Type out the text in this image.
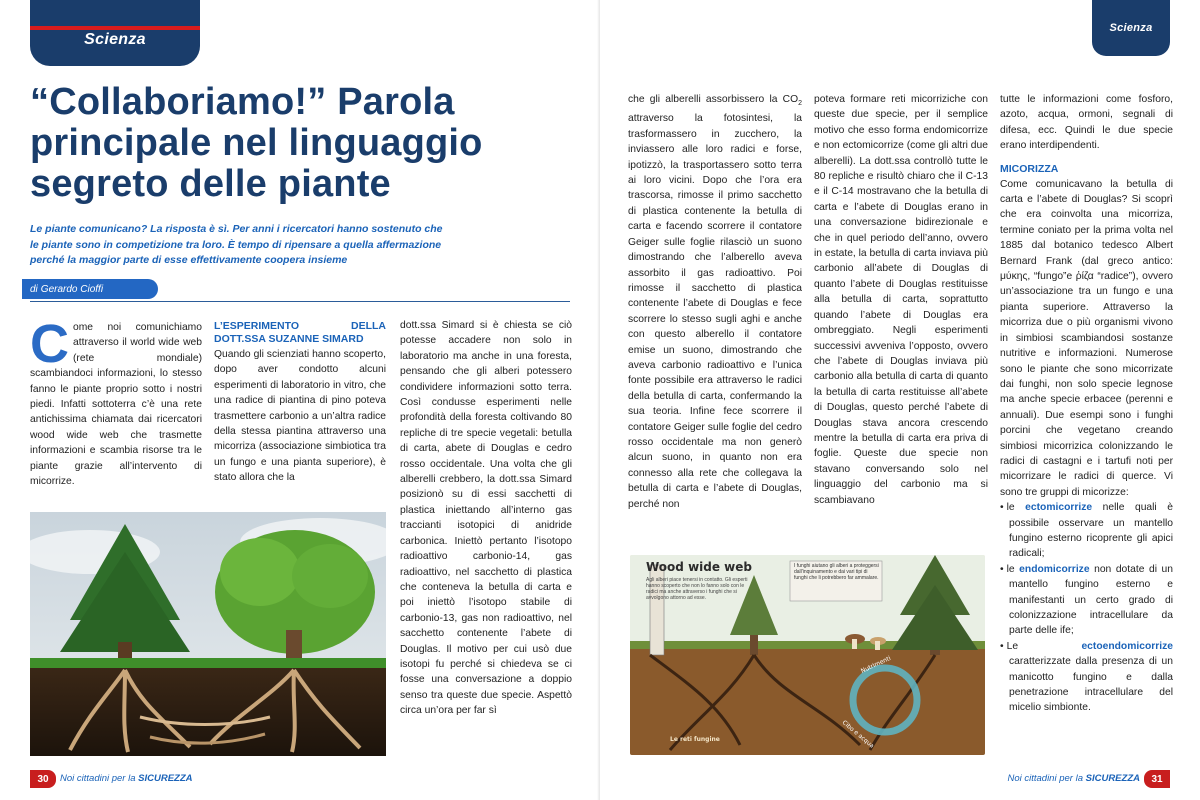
Scienza
“Collaboriamo!” Parola principale nel linguaggio segreto delle piante

Le piante comunicano? La risposta è sì. Per anni i ricercatori hanno sostenuto che le piante sono in competizione tra loro. È tempo di ripensare a quella affermazione perché la maggior parte di esse effettivamente coopera insieme

di Gerardo Cioffi
C ome noi comunichiamo attraverso il world wide web (rete mondiale) scambiandoci informazioni, lo stesso fanno le piante proprio sotto i nostri piedi. Infatti sottoterra c’è una rete antichissima chiamata dai ricercatori wood wide web che trasmette informazioni e scambia risorse tra le piante grazie all’intervento di micorrize.
L’ESPERIMENTO DELLA DOTT.SSA SUZANNE SIMARD

Quando gli scienziati hanno scoperto, dopo aver condotto alcuni esperimenti di laboratorio in vitro, che una radice di piantina di pino poteva trasmettere carbonio a un’altra radice della stessa piantina attraverso una micorriza (associazione simbiotica tra un fungo e una pianta superiore), è stato allora che la

dott.ssa Simard si è chiesta se ciò potesse accadere non solo in laboratorio ma anche in una foresta, pensando che gli alberi potessero condividere informazioni sotto terra. Così condusse esperimenti nelle profondità della foresta coltivando 80 repliche di tre specie vegetali: betulla di carta, abete di Douglas e cedro rosso occidentale. Una volta che gli alberelli crebbero, la dott.ssa Simard posizionò su di essi sacchetti di plastica iniettando all’interno gas traccianti isotopici di anidride carbonica. Iniettò pertanto l’isotopo radioattivo carbonio-14, gas radioattivo, nel sacchetto di plastica che conteneva la betulla di carta e poi iniettò l’isotopo stabile di carbonio-13, gas non radioattivo, nel sacchetto contenente l’abete di Douglas. Il motivo per cui usò due isotopi fu perché si chiedeva se ci fosse una conversazione a doppio senso tra queste due specie. Aspettò circa un’ora per far sì

30	Noi cittadini per la SICUREZZA
Scienza

che gli alberelli assorbissero la $CO_2$ attraverso la fotosintesi, la trasformassero in zucchero, la inviassero alle loro radici e forse, ipotizzò, la trasportassero sotto terra ai loro vicini. Dopo che l’ora era trascorsa, rimosse il primo sacchetto di plastica contenente la betulla di carta e facendo scorrere il contatore Geiger sulle foglie rilasciò un suono dimostrando che l’alberello aveva assorbito il gas radioattivo. Poi rimosse il sacchetto di plastica contenente l’abete di Douglas e fece scorrere lo stesso sugli aghi e anche con questo alberello il contatore emise un suono, dimostrando che aveva carbonio radioattivo e l’unica fonte possibile era attraverso le radici della betulla di carta, confermando la sua teoria. Infine fece scorrere il contatore Geiger sulle foglie del cedro rosso occidentale ma non generò alcun suono, in quanto non era connesso alla rete che collegava la betulla di carta e l’abete di Douglas, perché non

poteva formare reti micorriziche con queste due specie, per il semplice motivo che esso forma endomicorrize e non ectomicorrize (come gli altri due alberelli). La dott.ssa controllò tutte le 80 repliche e risultò chiaro che il C-13 e il C-14 mostravano che la betulla di carta e l’abete di Douglas erano in una conversazione bidirezionale e che in quel periodo dell’anno, ovvero in estate, la betulla di carta inviava più carbonio all’abete di Douglas di quanto l’abete di Douglas restituisse alla betulla di carta, soprattutto quando l’abete di Douglas era ombreggiato. Negli esperimenti successivi avveniva l’opposto, ovvero che l’abete di Douglas inviava più carbonio alla betulla di carta di quanto la betulla di carta restituisse all’abete di Douglas, questo perché l’abete di Douglas stava ancora crescendo mentre la betulla di carta era priva di foglie. Queste due specie non stavano conversando solo nel linguaggio del carbonio ma si scambiavano

tutte le informazioni come fosforo, azoto, acqua, ormoni, segnali di difesa, ecc. Quindi le due specie erano interdipendenti.

MICORIZZA

Come comunicavano la betulla di carta e l’abete di Douglas? Si scoprì che era coinvolta una micorriza, termine coniato per la prima volta nel 1885 dal botanico tedesco Albert Bernard Frank (dal greco antico: μύκης, “fungo”e ῥίζα “radice”), ovvero un’associazione tra un fungo e una pianta superiore. Attraverso la micorriza due o più organismi vivono in simbiosi scambiandosi sostanze nutritive e informazioni. Numerose sono le piante che sono micorrizate dai funghi, non solo specie legnose ma anche specie erbacee (perenni e annuali). Due esempi sono i funghi porcini che vegetano creando simbiosi micorrizica colonizzando le radici di castagni e i tartufi noti per micorrizare le radici di querce. Vi sono tre gruppi di micorizze:

• le ectomicorrize nelle quali è possibile osservare un mantello fungino esterno ricoprente gli apici radicali;
• le endomicorrize non dotate di un mantello fungino esterno e manifestanti un certo grado di colonizzazione intracellulare da parte delle ife;
• Le ectoendomicorrize caratterizzate dalla presenza di un manicotto fungino e dalla penetrazione intracellulare del micelio simbionte.
31
Noi cittadini per la SICUREZZA
Wood wide web
Agli alberi piace tenersi in contatto. Gli esperti hanno scoperto che non lo fanno solo con le radici ma anche attraverso i funghi che si avvolgono attorno ad esse.
I funghi aiutano gli alberi a proteggersi dall'inquinamento e dai vari tipi di funghi che li potrebbero far ammalare.
Nutrimenti
Cibo e acqua
Le reti fungine
